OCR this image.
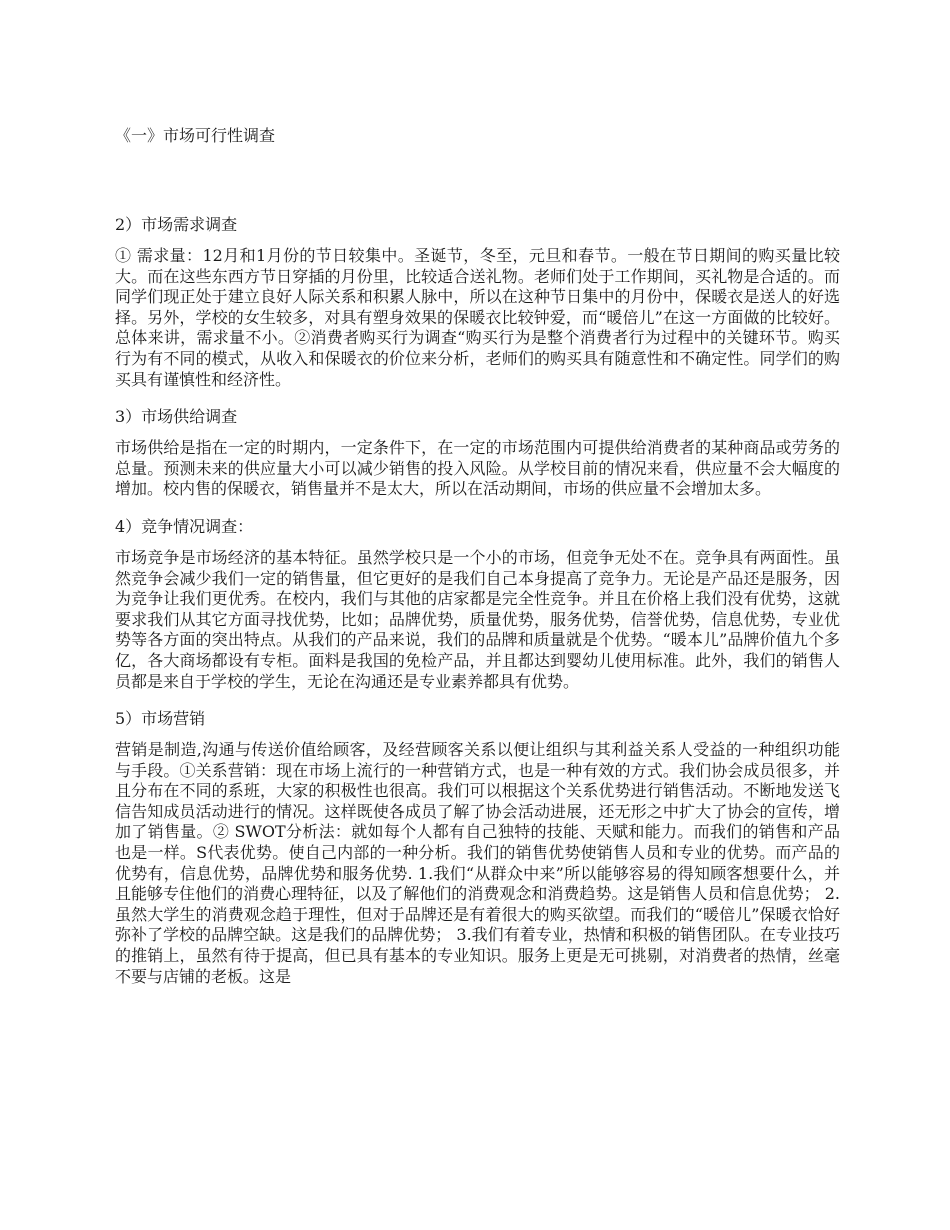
《一》市场可行性调查
2）市场需求调查

① 需求量：12月和1月份的节日较集中。圣诞节，冬至，元旦和春节。一般在节日期间的购买量比较大。而在这些东西方节日穿插的月份里，比较适合送礼物。老师们处于工作期间，买礼物是合适的。而同学们现正处于建立良好人际关系和积累人脉中，所以在这种节日集中的月份中，保暖衣是送人的好选择。另外，学校的女生较多，对具有塑身效果的保暖衣比较钟爱，而“暖倍儿”在这一方面做的比较好。总体来讲，需求量不小。②消费者购买行为调查“购买行为是整个消费者行为过程中的关键环节。购买行为有不同的模式，从收入和保暖衣的价位来分析，老师们的购买具有随意性和不确定性。同学们的购买具有谨慎性和经济性。

3）市场供给调查

市场供给是指在一定的时期内，一定条件下，在一定的市场范围内可提供给消费者的某种商品或劳务的总量。预测未来的供应量大小可以减少销售的投入风险。从学校目前的情况来看，供应量不会大幅度的增加。校内售的保暖衣，销售量并不是太大，所以在活动期间，市场的供应量不会增加太多。

4）竞争情况调查：

市场竞争是市场经济的基本特征。虽然学校只是一个小的市场，但竞争无处不在。竞争具有两面性。虽然竞争会减少我们一定的销售量，但它更好的是我们自己本身提高了竞争力。无论是产品还是服务，因为竞争让我们更优秀。在校内，我们与其他的店家都是完全性竞争。并且在价格上我们没有优势，这就要求我们从其它方面寻找优势，比如；品牌优势，质量优势，服务优势，信誉优势，信息优势，专业优势等各方面的突出特点。从我们的产品来说，我们的品牌和质量就是个优势。“暖本儿”品牌价值九个多亿，各大商场都设有专柜。面料是我国的免检产品，并且都达到婴幼儿使用标准。此外，我们的销售人员都是来自于学校的学生，无论在沟通还是专业素养都具有优势。

5）市场营销

营销是制造,沟通与传送价值给顾客，及经营顾客关系以便让组织与其利益关系人受益的一种组织功能与手段。①关系营销：现在市场上流行的一种营销方式，也是一种有效的方式。我们协会成员很多，并且分布在不同的系班，大家的积极性也很高。我们可以根据这个关系优势进行销售活动。不断地发送飞信告知成员活动进行的情况。这样既使各成员了解了协会活动进展，还无形之中扩大了协会的宣传，增加了销售量。② SWOT分析法：就如每个人都有自己独特的技能、天赋和能力。而我们的销售和产品也是一样。S代表优势。使自己内部的一种分析。我们的销售优势使销售人员和专业的优势。而产品的优势有，信息优势，品牌优势和服务优势. 1.我们“从群众中来”所以能够容易的得知顾客想要什么，并且能够专住他们的消费心理特征，以及了解他们的消费观念和消费趋势。这是销售人员和信息优势； 2.虽然大学生的消费观念趋于理性，但对于品牌还是有着很大的购买欲望。而我们的“暖倍儿”保暖衣恰好弥补了学校的品牌空缺。这是我们的品牌优势； 3.我们有着专业，热情和积极的销售团队。在专业技巧的推销上，虽然有待于提高，但已具有基本的专业知识。服务上更是无可挑剔，对消费者的热情，丝毫不要与店铺的老板。这是
